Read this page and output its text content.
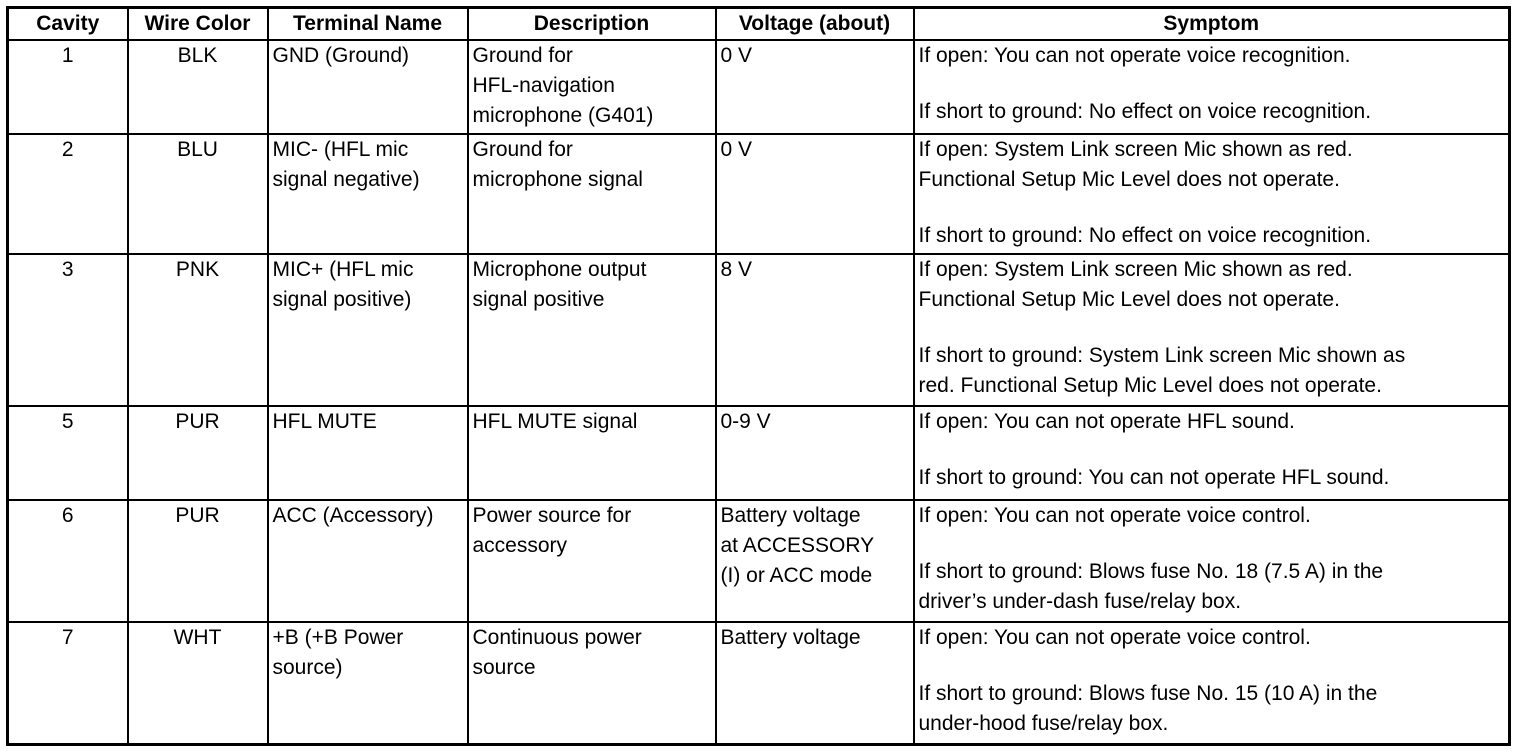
Cavity	Wire Color	Terminal Name	Description	Voltage (about)	Symptom
1	BLK	GND (Ground)	Ground for
HFL-navigation
microphone (G401)	0 V	If open: You can not operate voice recognition.
If short to ground: No effect on voice recognition.

2	BLU	MIC- (HFL mic
signal negative)	Ground for
microphone signal	0 V	If open: System Link screen Mic shown as red.
Functional Setup Mic Level does not operate.
If short to ground: No effect on voice recognition.

3	PNK	MIC+ (HFL mic
signal positive)	Microphone output
signal positive	8 V	If open: System Link screen Mic shown as red.
Functional Setup Mic Level does not operate.
If short to ground: System Link screen Mic shown as
red. Functional Setup Mic Level does not operate.

5	PUR	HFL MUTE	HFL MUTE signal	0-9 V	If open: You can not operate HFL sound.
If short to ground: You can not operate HFL sound.

6	PUR	ACC (Accessory)	Power source for
accessory	Battery voltage
at ACCESSORY
(I) or ACC mode	If open: You can not operate voice control.
If short to ground: Blows fuse No. 18 (7.5 A) in the
driver’s under-dash fuse/relay box.

7	WHT	+B (+B Power
source)	Continuous power
source	Battery voltage	If open: You can not operate voice control.
If short to ground: Blows fuse No. 15 (10 A) in the
under-hood fuse/relay box.
